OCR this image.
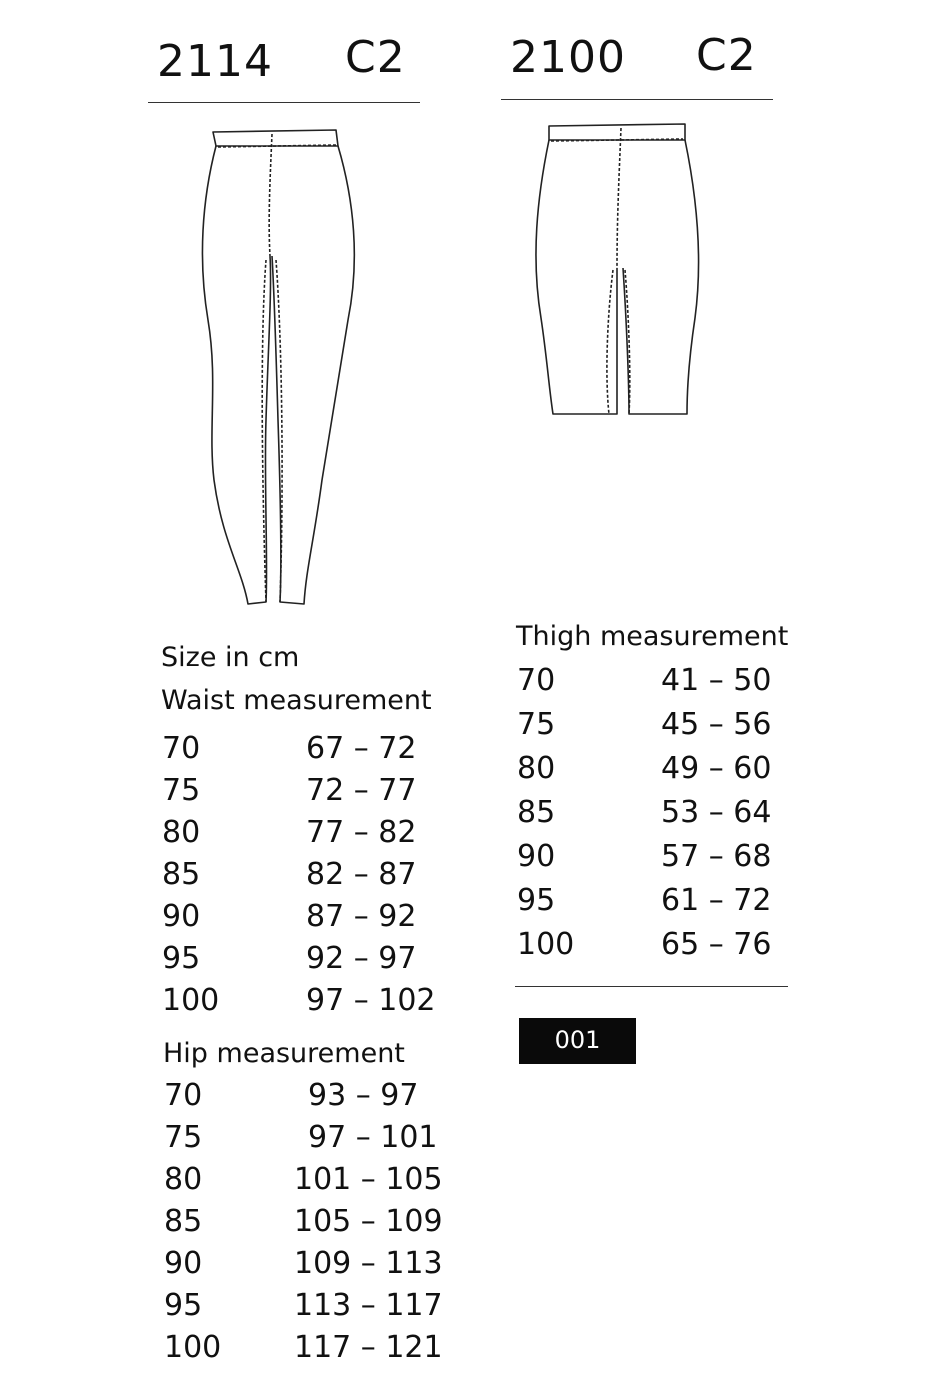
2114 C2 2100 C2
Size in cm
Waist measurement
70	67 – 72
75	72 – 77
80	77 – 82
85	82 – 87
90	87 – 92
95	92 – 97
100	97 – 102
Hip measurement
70	93 – 97
75	97 – 101
80	101 – 105
85	105 – 109
90	109 – 113
95	113 – 117
100 117 – 121
Thigh measurement
70	41 – 50
75	45 – 56
80	49 – 60
85	53 – 64
90	57 – 68
95	61 – 72
100	65 – 76
001
